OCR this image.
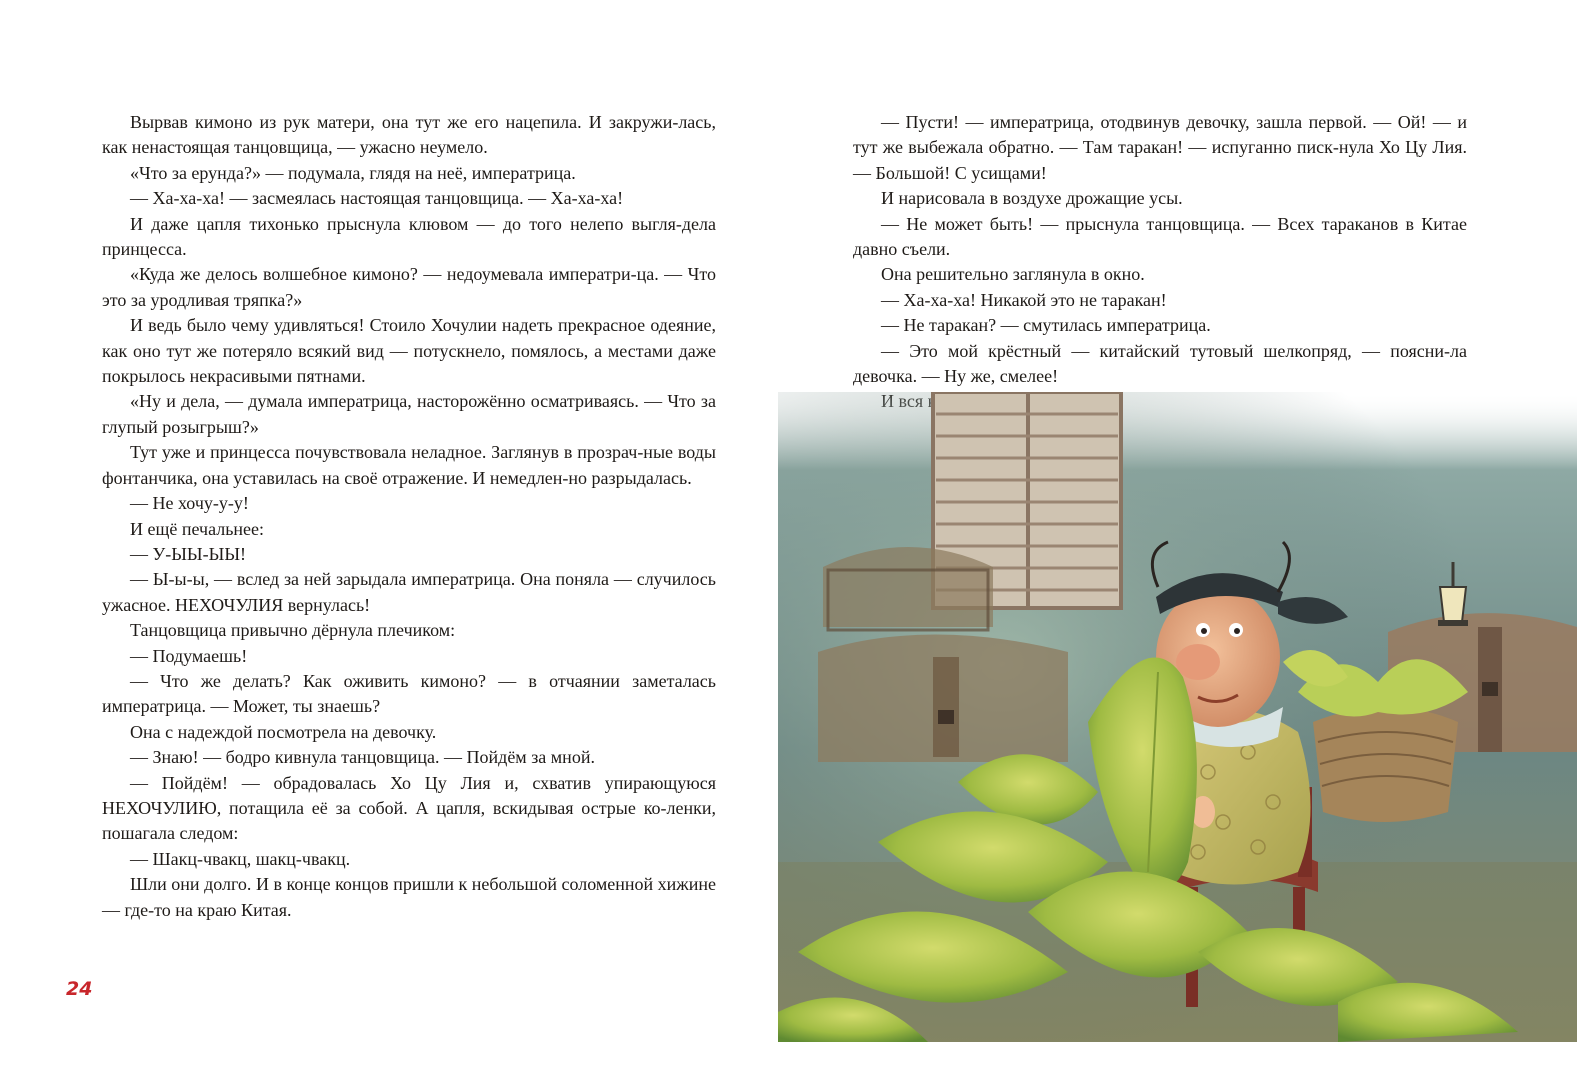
Вырвав кимоно из рук матери, она тут же его нацепила. И закружи-лась, как ненастоящая танцовщица, — ужасно неумело.

«Что за ерунда?» — подумала, глядя на неё, императрица.

— Ха-ха-ха! — засмеялась настоящая танцовщица. — Ха-ха-ха!

И даже цапля тихонько прыснула клювом — до того нелепо выгля-дела принцесса.

«Куда же делось волшебное кимоно? — недоумевала императри-ца. — Что это за уродливая тряпка?»

И ведь было чему удивляться! Стоило Хочулии надеть прекрасное одеяние, как оно тут же потеряло всякий вид — потускнело, помялось, а местами даже покрылось некрасивыми пятнами.

«Ну и дела, — думала императрица, насторожённо осматриваясь. — Что за глупый розыгрыш?»

Тут уже и принцесса почувствовала неладное. Заглянув в прозрач-ные воды фонтанчика, она уставилась на своё отражение. И немедлен-но разрыдалась.

— Не хочу-у-у!

И ещё печальнее:

— У-ЫЫ-ЫЫ!

— Ы-ы-ы, — вслед за ней зарыдала императрица. Она поняла — случилось ужасное. НЕХОЧУЛИЯ вернулась!

Танцовщица привычно дёрнула плечиком:

— Подумаешь!

— Что же делать? Как оживить кимоно? — в отчаянии заметалась императрица. — Может, ты знаешь?

Она с надеждой посмотрела на девочку.

— Знаю! — бодро кивнула танцовщица. — Пойдём за мной.

— Пойдём! — обрадовалась Хо Цу Лия и, схватив упирающуюся НЕХОЧУЛИЮ, потащила её за собой. А цапля, вскидывая острые ко-ленки, пошагала следом:

— Шакц-чвакц, шакц-чвакц.

Шли они долго. И в конце концов пришли к небольшой соломенной хижине — где-то на краю Китая.

24

— Пусти! — императрица, отодвинув девочку, зашла первой. — Ой! — и тут же выбежала обратно. — Там таракан! — испуганно писк-нула Хо Цу Лия. — Большой! С усищами!

И нарисовала в воздухе дрожащие усы.

— Не может быть! — прыснула танцовщица. — Всех тараканов в Китае давно съели.

Она решительно заглянула в окно.

— Ха-ха-ха! Никакой это не таракан!

— Не таракан? — смутилась императрица.

— Это мой крёстный — китайский тутовый шелкопряд, — поясни-ла девочка. — Ну же, смелее!
